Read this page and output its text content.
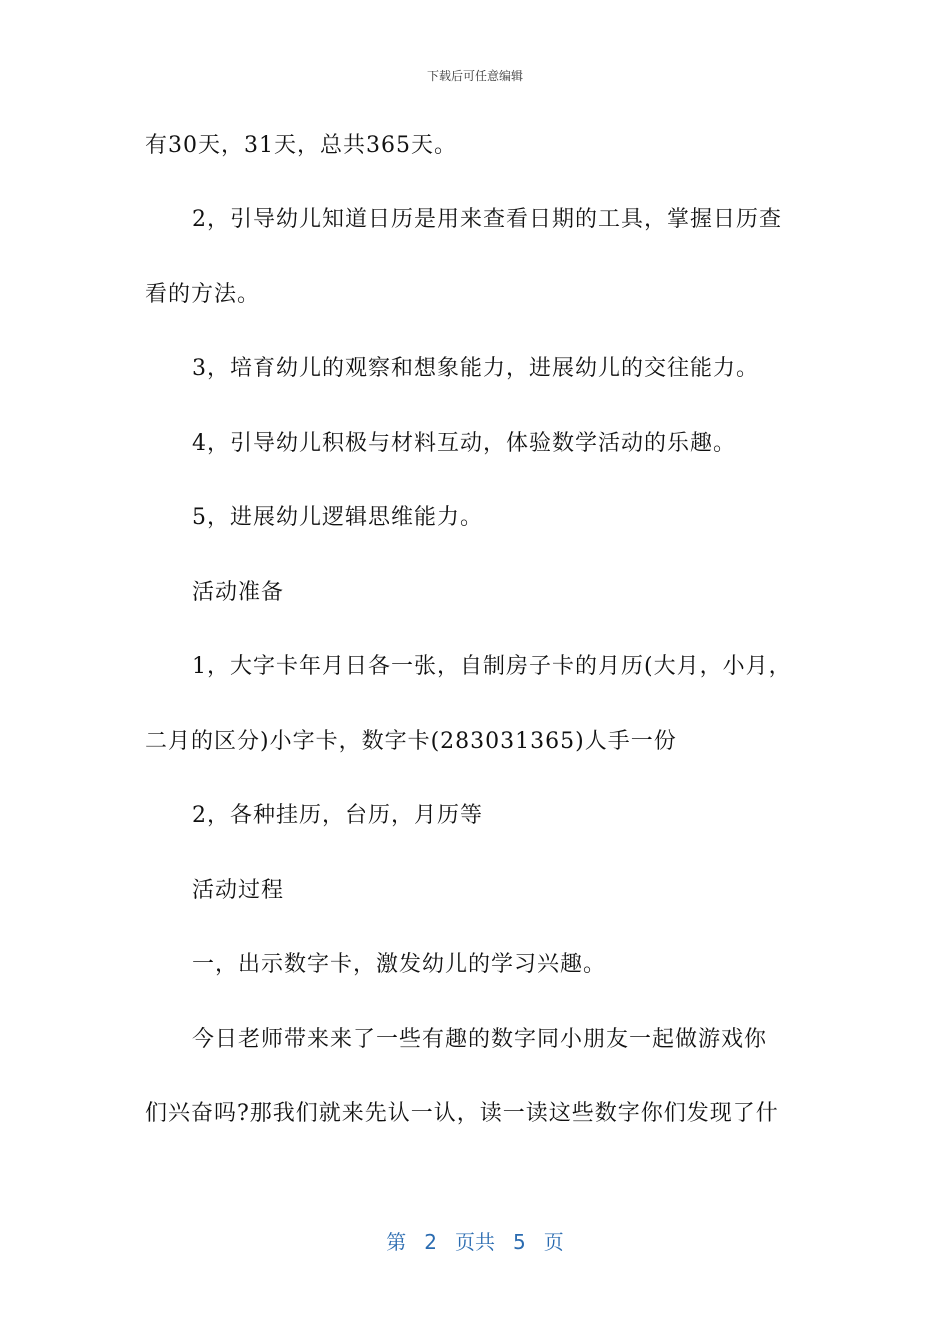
下载后可任意编辑
有30天，31天，总共365天。
2，引导幼儿知道日历是用来查看日期的工具，掌握日历查
看的方法。
3，培育幼儿的观察和想象能力，进展幼儿的交往能力。
4，引导幼儿积极与材料互动，体验数学活动的乐趣。
5，进展幼儿逻辑思维能力。
活动准备
1，大字卡年月日各一张，自制房子卡的月历(大月，小月，
二月的区分)小字卡，数字卡(283031365)人手一份
2，各种挂历，台历，月历等
活动过程
一，出示数字卡，激发幼儿的学习兴趣。
今日老师带来来了一些有趣的数字同小朋友一起做游戏你
们兴奋吗?那我们就来先认一认，读一读这些数字你们发现了什
第 2 页共 5 页
